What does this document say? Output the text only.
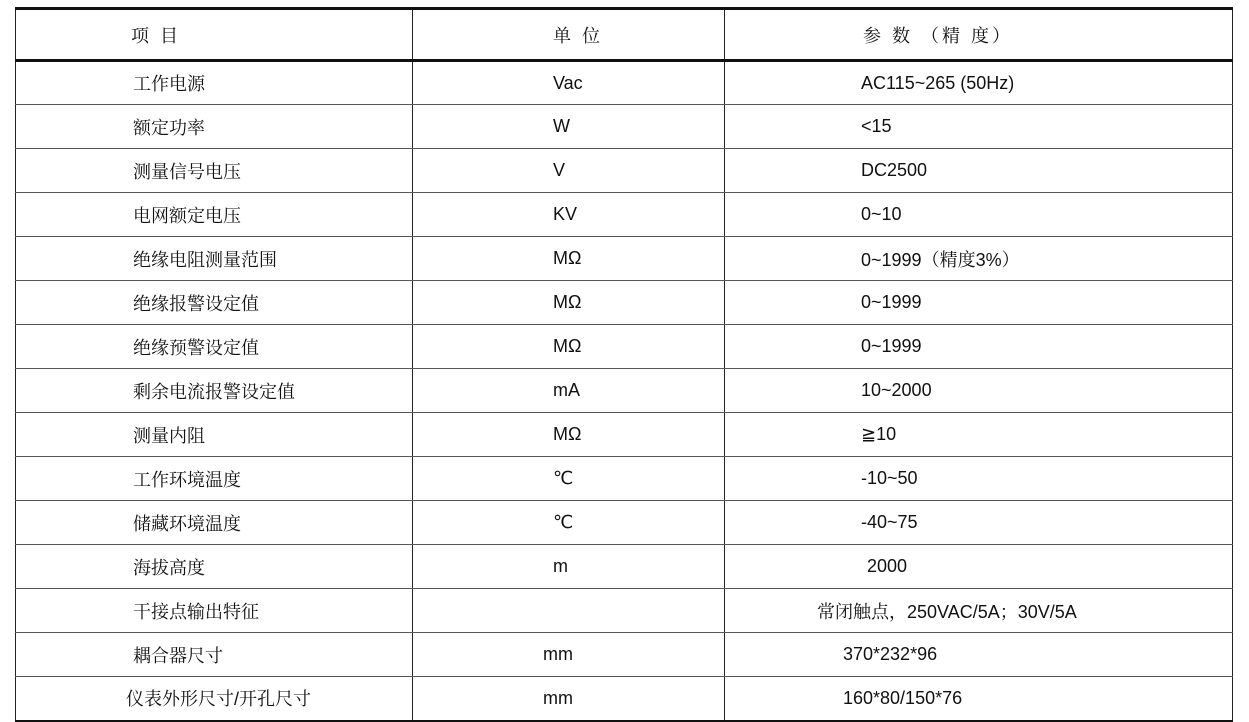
项 目	单 位	参 数 （精 度）
工作电源	Vac	AC115~265 (50Hz)
额定功率	W	<15
测量信号电压	V	DC2500
电网额定电压	KV	0~10
绝缘电阻测量范围	MΩ	0~1999（精度3%）
绝缘报警设定值	MΩ	0~1999
绝缘预警设定值	MΩ	0~1999
剩余电流报警设定值	mA	10~2000
测量内阻	MΩ	≧10
工作环境温度	℃	-10~50
储藏环境温度	℃	-40~75
海拔高度	m	2000
干接点输出特征		常闭触点，250VAC/5A；30V/5A
耦合器尺寸	mm	370*232*96
仪表外形尺寸/开孔尺寸	mm	160*80/150*76
